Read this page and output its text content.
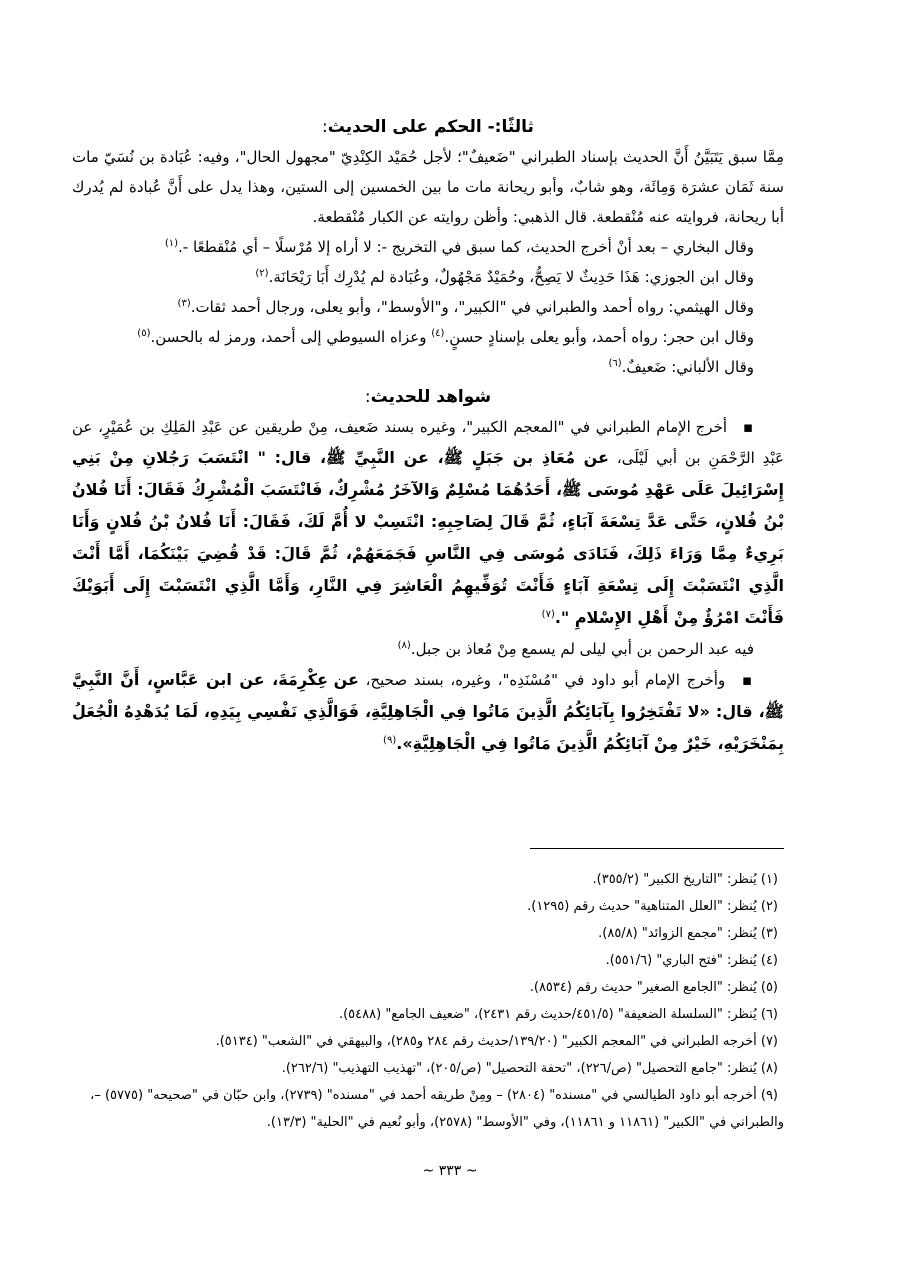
ثالثًا:- الحكم على الحديث:

مِمَّا سبق يَتَبَيَّنُ أَنَّ الحديث بإسناد الطبراني "ضَعيفٌ"؛ لأجل حُمَيْد الكِنْدِيّ "مجهول الحال"، وفيه: عُبَادة بن نُسَيّ مات سنة ثَمَان عشرَة وَمِائَة، وهو شابٌ، وأبو ريحانة مات ما بين الخمسين إلى الستين، وهذا يدل على أَنَّ عُبادة لم يُدرك أبا ريحانة، فروايته عنه مُنْقطعة. قال الذهبي: وأظن روايته عن الكبار مُنْقطعة.

وقال البخاري – بعد أنْ أخرج الحديث، كما سبق في التخريج -: لا أراه إلا مُرْسلًا – أي مُنْقطعًا -.$^{(١)}$

وقال ابن الجوزي: هَذَا حَدِيثٌ لا يَصِحُّ، وحُمَيْدٌ مَجْهُولٌ، وعُبَادة لم يُدْرِك أَبَا رَيْحَانَة.$^{(٢)}$

وقال الهيثمي: رواه أحمد والطبراني في "الكبير"، و"الأوسط"، وأبو يعلى، ورجال أحمد ثقات.$^{(٣)}$

وقال ابن حجر: رواه أحمد، وأبو يعلى بإسنادٍ حسنٍ.$^{(٤)}$ وعزاه السيوطي إلى أحمد، ورمز له بالحسن.$^{(٥)}$

وقال الألباني: ضَعيفٌ.$^{(٦)}$

شواهد للحديث:

▪ أخرج الإمام الطبراني في "المعجم الكبير"، وغيره بسند ضَعيف، مِنْ طريقين عن عَبْدِ المَلِكِ بن عُمَيْرٍ، عن عَبْدِ الرَّحْمَنِ بن أبي لَيْلَى، عن مُعَاذِ بن جَبَلٍ ﷺ، عن النَّبِيِّ ﷺ، قال: " انْتَسَبَ رَجُلانِ مِنْ بَنِي إِسْرَائِيلَ عَلَى عَهْدِ مُوسَى ﷺ، أَحَدُهُمَا مُسْلِمٌ وَالآخَرُ مُشْرِكٌ، فَانْتَسَبَ الْمُشْرِكُ فَقَالَ: أَنَا فُلانُ بْنُ فُلانٍ، حَتَّى عَدَّ تِسْعَةَ آبَاءٍ، ثُمَّ قَالَ لِصَاحِبِهِ: انْتَسِبْ لا أُمَّ لَكَ، فَقَالَ: أَنَا فُلانُ بْنُ فُلانٍ وَأَنَا بَرِيءٌ مِمَّا وَرَاءَ ذَلِكَ، فَنَادَى مُوسَى فِي النَّاسِ فَجَمَعَهُمْ، ثُمَّ قَالَ: قَدْ قُضِيَ بَيْنَكُمَا، أَمَّا أَنْتَ الَّذِي انْتَسَبْتَ إِلَى تِسْعَةِ آبَاءٍ فَأَنْتَ تُوَفِّيهِمُ الْعَاشِرَ فِي النَّارِ، وَأَمَّا الَّذِي انْتَسَبْتَ إِلَى أَبَوَيْكَ فَأَنْتَ امْرُؤٌ مِنْ أَهْلِ الإِسْلامِ ".$^{(٧)}$

فيه عبد الرحمن بن أبي ليلى لم يسمع مِنْ مُعاذ بن جبل.$^{(٨)}$

▪ وأخرج الإمام أبو داود في "مُسْنَدِه"، وغيره، بسند صحيح، عن عِكْرِمَةَ، عن ابن عَبَّاسٍ، أَنَّ النَّبِيَّ ﷺ، قال: «لا تَفْتَخِرُوا بِآبَائِكُمُ الَّذِينَ مَاتُوا فِي الْجَاهِلِيَّةِ، فَوَالَّذِي نَفْسِي بِيَدِهِ، لَمَا يُدَهْدِهُ الْجُعَلُ بِمَنْخَرَيْهِ، خَيْرٌ مِنْ آبَائِكُمُ الَّذِينَ مَاتُوا فِي الْجَاهِلِيَّةِ».$^{(٩)}$

(١) يُنظر: "التاريخ الكبير" (٣٥٥/٢).

(٢) يُنظر: "العلل المتناهية" حديث رقم (١٢٩٥).

(٣) يُنظر: "مجمع الزوائد" (٨٥/٨).

(٤) يُنظر: "فتح الباري" (٥٥١/٦).

(٥) يُنظر: "الجامع الصغير" حديث رقم (٨٥٣٤).

(٦) يُنظر: "السلسلة الضعيفة" (٤٥١/٥/حديث رقم ٢٤٣١)، "ضعيف الجامع" (٥٤٨٨).

(٧) أخرجه الطبراني في "المعجم الكبير" (١٣٩/٢٠/حديث رقم ٢٨٤ و٢٨٥)، والبيهقي في "الشعب" (٥١٣٤).

(٨) يُنظر: "جامع التحصيل" (ص/٢٢٦)، "تحفة التحصيل" (ص/٢٠٥)، "تهذيب التهذيب" (٢٦٢/٦).

(٩) أخرجه أبو داود الطيالسي في "مسنده" (٢٨٠٤) – ومِنْ طريقه أحمد في "مسنده" (٢٧٣٩)، وابن حبّان في "صحيحه" (٥٧٧٥) –، والطبراني في "الكبير" (١١٨٦١ و ١١٨٦١)، وفي "الأوسط" (٢٥٧٨)، وأبو نُعيم في "الحلية" (١٣/٣).

~ ٣٣٣ ~
